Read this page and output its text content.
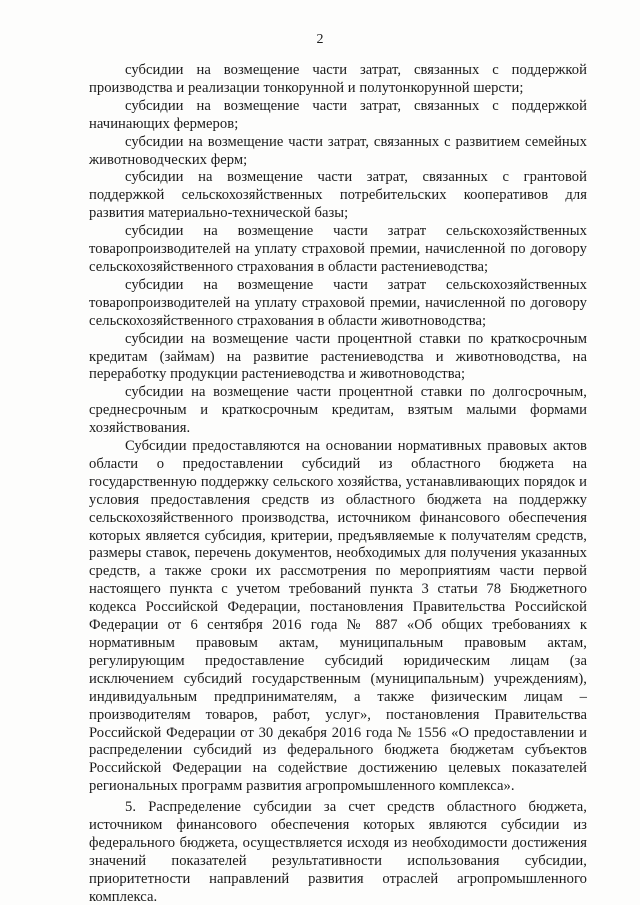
2

субсидии на возмещение части затрат, связанных с поддержкой производства и реализации тонкорунной и полутонкорунной шерсти;

субсидии на возмещение части затрат, связанных с поддержкой начинающих фермеров;

субсидии на возмещение части затрат, связанных с развитием семейных животноводческих ферм;

субсидии на возмещение части затрат, связанных с грантовой поддержкой сельскохозяйственных потребительских кооперативов для развития материально-технической базы;

субсидии на возмещение части затрат сельскохозяйственных товаропроизводителей на уплату страховой премии, начисленной по договору сельскохозяйственного страхования в области растениеводства;

субсидии на возмещение части затрат сельскохозяйственных товаропроизводителей на уплату страховой премии, начисленной по договору сельскохозяйственного страхования в области животноводства;

субсидии на возмещение части процентной ставки по краткосрочным кредитам (займам) на развитие растениеводства и животноводства, на переработку продукции растениеводства и животноводства;

субсидии на возмещение части процентной ставки по долгосрочным, среднесрочным и краткосрочным кредитам, взятым малыми формами хозяйствования.

Субсидии предоставляются на основании нормативных правовых актов области о предоставлении субсидий из областного бюджета на государственную поддержку сельского хозяйства, устанавливающих порядок и условия предоставления средств из областного бюджета на поддержку сельскохозяйственного производства, источником финансового обеспечения которых является субсидия, критерии, предъявляемые к получателям средств, размеры ставок, перечень документов, необходимых для получения указанных средств, а также сроки их рассмотрения по мероприятиям части первой настоящего пункта с учетом требований пункта 3 статьи 78 Бюджетного кодекса Российской Федерации, постановления Правительства Российской Федерации от 6 сентября 2016 года № 887 «Об общих требованиях к нормативным правовым актам, муниципальным правовым актам, регулирующим предоставление субсидий юридическим лицам (за исключением субсидий государственным (муниципальным) учреждениям), индивидуальным предпринимателям, а также физическим лицам – производителям товаров, работ, услуг», постановления Правительства Российской Федерации от 30 декабря 2016 года № 1556 «О предоставлении и распределении субсидий из федерального бюджета бюджетам субъектов Российской Федерации на содействие достижению целевых показателей региональных программ развития агропромышленного комплекса».

5. Распределение субсидии за счет средств областного бюджета, источником финансового обеспечения которых являются субсидии из федерального бюджета, осуществляется исходя из необходимости достижения значений показателей результативности использования субсидии, приоритетности направлений развития отраслей агропромышленного комплекса.
